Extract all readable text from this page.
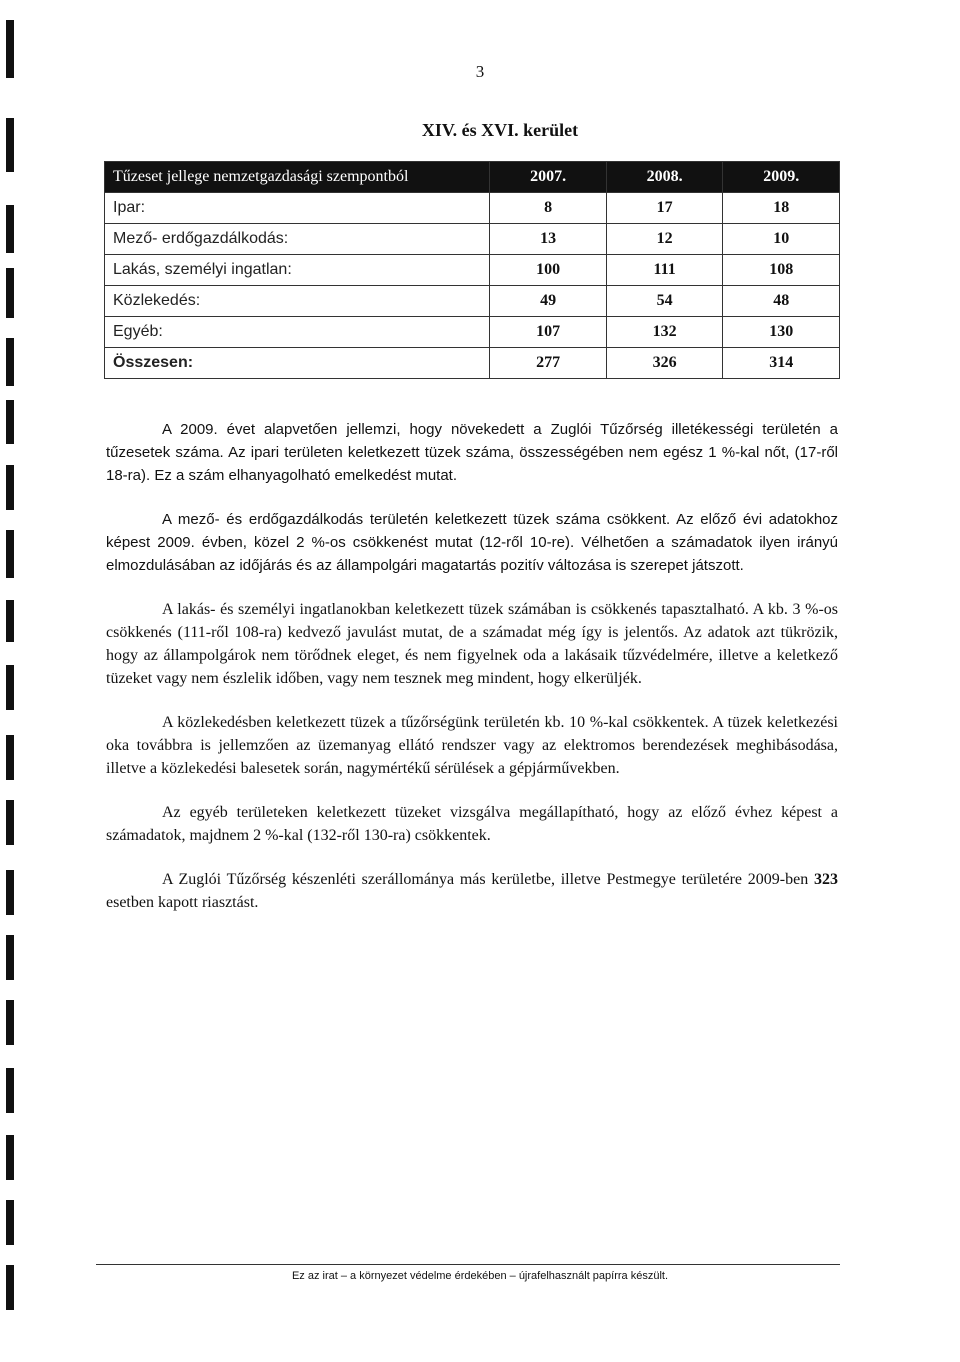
3
XIV. és XVI. kerület
Tűzeset jellege nemzetgazdasági szempontból	2007.	2008.	2009.
Ipar:	8	17	18
Mező- erdőgazdálkodás:	13	12	10
Lakás, személyi ingatlan:	100	111	108
Közlekedés:	49	54	48
Egyéb:	107	132	130
Összesen:	277	326	314

A 2009. évet alapvetően jellemzi, hogy növekedett a Zuglói Tűzőrség illetékességi területén a tűzesetek száma. Az ipari területen keletkezett tüzek száma, összességében nem egész 1 %-kal nőt, (17-ről 18-ra). Ez a szám elhanyagolható emelkedést mutat.

A mező- és erdőgazdálkodás területén keletkezett tüzek száma csökkent. Az előző évi adatokhoz képest 2009. évben, közel 2 %-os csökkenést mutat (12-ről 10-re). Vélhetően a számadatok ilyen irányú elmozdulásában az időjárás és az állampolgári magatartás pozitív változása is szerepet játszott.

A lakás- és személyi ingatlanokban keletkezett tüzek számában is csökkenés tapasztalható. A kb. 3 %-os csökkenés (111-ről 108-ra) kedvező javulást mutat, de a számadat még így is jelentős. Az adatok azt tükrözik, hogy az állampolgárok nem törődnek eleget, és nem figyelnek oda a lakásaik tűzvédelmére, illetve a keletkező tüzeket vagy nem észlelik időben, vagy nem tesznek meg mindent, hogy elkerüljék.

A közlekedésben keletkezett tüzek a tűzőrségünk területén kb. 10 %-kal csökkentek. A tüzek keletkezési oka továbbra is jellemzően az üzemanyag ellátó rendszer vagy az elektromos berendezések meghibásodása, illetve a közlekedési balesetek során, nagymértékű sérülések a gépjárművekben.

Az egyéb területeken keletkezett tüzeket vizsgálva megállapítható, hogy az előző évhez képest a számadatok, majdnem 2 %-kal (132-ről 130-ra) csökkentek.

A Zuglói Tűzőrség készenléti szerállománya más kerületbe, illetve Pestmegye területére 2009-ben 323 esetben kapott riasztást.

Ez az irat – a környezet védelme érdekében – újrafelhasznált papírra készült.
